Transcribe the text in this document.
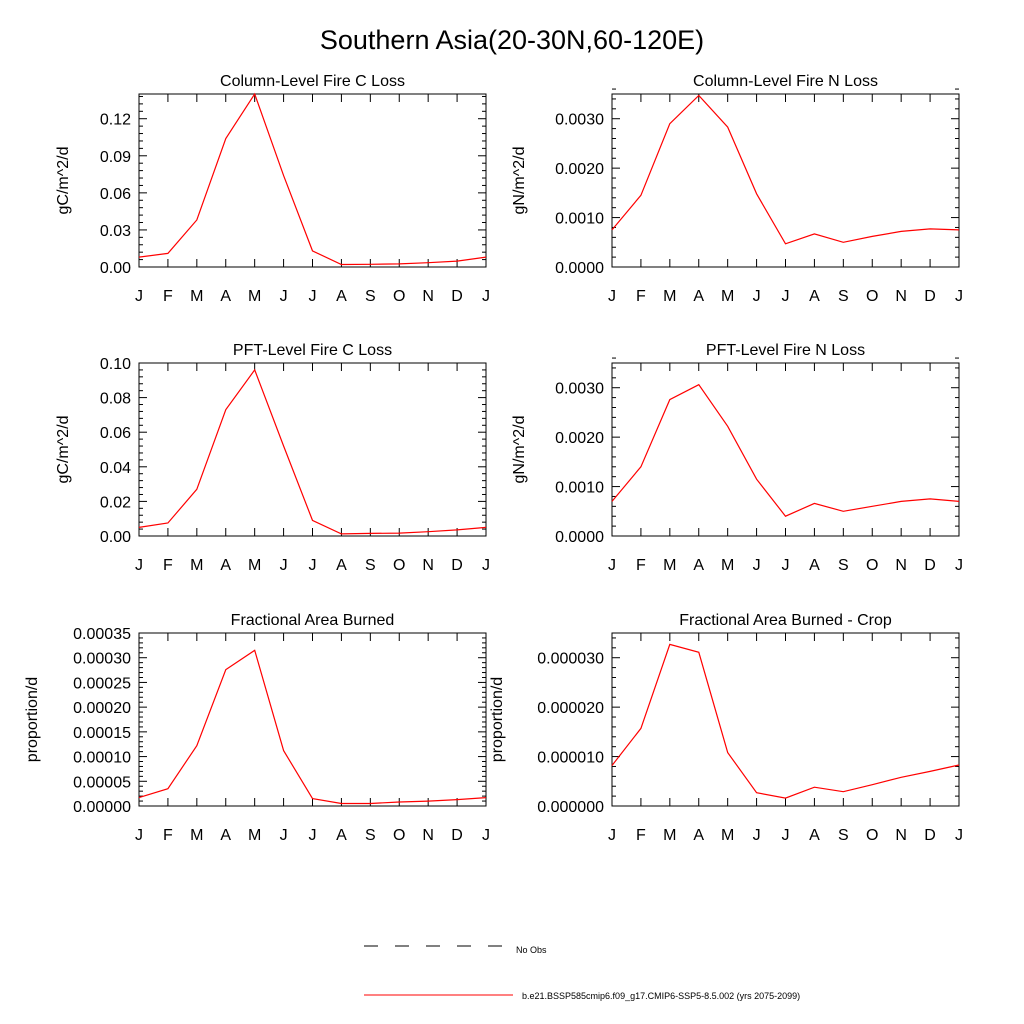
Southern Asia(20-30N,60-120E)
Column-Level Fire C Loss
gC/m^2/d
J F M A M J J A S O N D J
0.00
0.03
0.06
0.09
0.12
Column-Level Fire N Loss
gN/m^2/d
J F M A M J J A S O N D J
0.0000
0.0010
0.0020
0.0030
PFT-Level Fire C Loss
gC/m^2/d
J F M A M J J A S O N D J
0.00
0.02
0.04
0.06
0.08
0.10
PFT-Level Fire N Loss
gN/m^2/d
J F M A M J J A S O N D J
0.0000
0.0010
0.0020
0.0030
Fractional Area Burned
proportion/d
J F M A M J J A S O N D J
0.00000
0.00005
0.00010
0.00015
0.00020
0.00025
0.00030
0.00035
Fractional Area Burned - Crop
proportion/d
J F M A M J J A S O N D J
0.000000
0.000010
0.000020
0.000030
No Obs
b.e21.BSSP585cmip6.f09_g17.CMIP6-SSP5-8.5.002 (yrs 2075-2099)
